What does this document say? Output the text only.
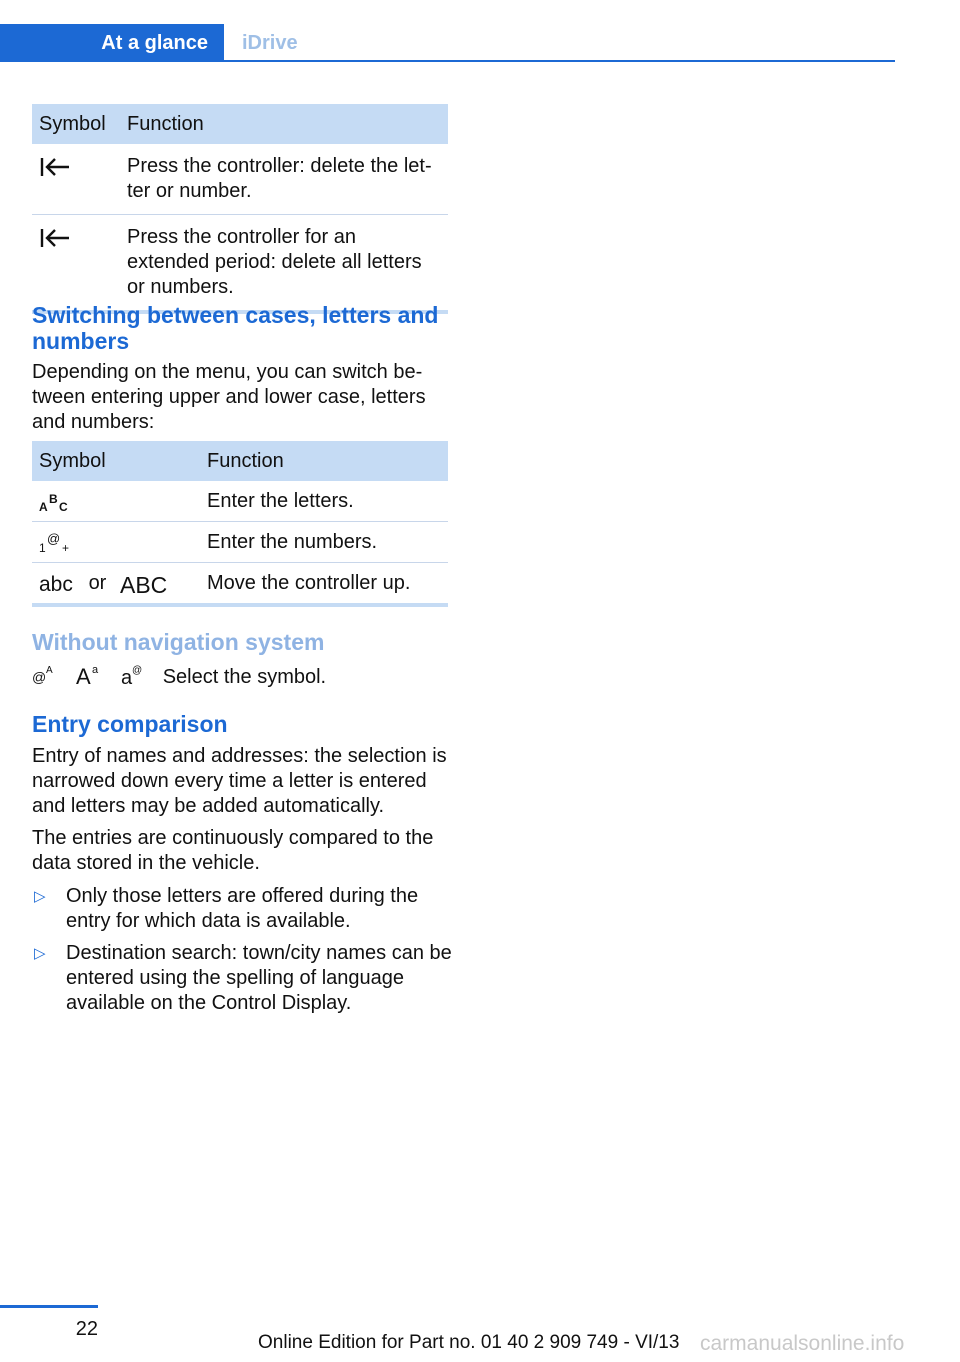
At a glance	iDrive
Symbol	Function
	Press the controller: delete the let-ter or number.
	Press the controller for an extended period: delete all letters or numbers.
Switching between cases, letters and numbers
Depending on the menu, you can switch be-tween entering upper and lower case, letters and numbers:
Symbol	Function

A
B
C	Enter the letters.

1
@
+	Enter the numbers.

abc or ABC	Move the controller up.
Without navigation system
@ A
A a
a @ Select the symbol.
Entry comparison
Entry of names and addresses: the selection is narrowed down every time a letter is entered and letters may be added automatically.
The entries are continuously compared to the data stored in the vehicle.
▷ Only those letters are offered during the entry for which data is available.
▷ Destination search: town/city names can be entered using the spelling of language available on the Control Display.
22
Online Edition for Part no. 01 40 2 909 749 - VI/13 carmanualsonline.info
